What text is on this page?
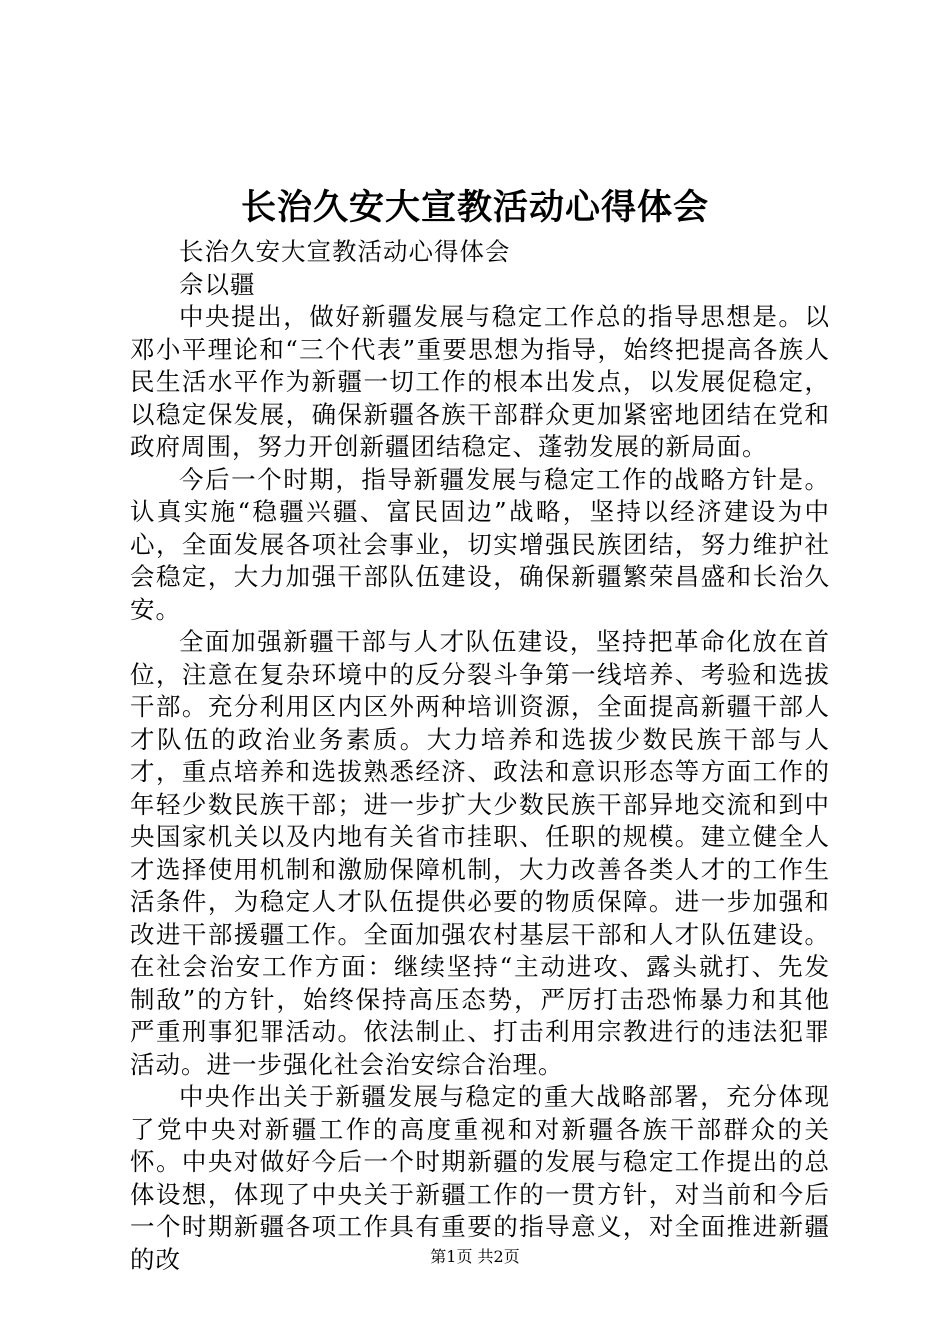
长治久安大宣教活动心得体会

长治久安大宣教活动心得体会

佘以疆

中央提出，做好新疆发展与稳定工作总的指导思想是。以邓小平理论和“三个代表”重要思想为指导，始终把提高各族人民生活水平作为新疆一切工作的根本出发点，以发展促稳定，以稳定保发展，确保新疆各族干部群众更加紧密地团结在党和政府周围，努力开创新疆团结稳定、蓬勃发展的新局面。

今后一个时期，指导新疆发展与稳定工作的战略方针是。认真实施“稳疆兴疆、富民固边”战略，坚持以经济建设为中心，全面发展各项社会事业，切实增强民族团结，努力维护社会稳定，大力加强干部队伍建设，确保新疆繁荣昌盛和长治久安。

全面加强新疆干部与人才队伍建设，坚持把革命化放在首位，注意在复杂环境中的反分裂斗争第一线培养、考验和选拔干部。充分利用区内区外两种培训资源，全面提高新疆干部人才队伍的政治业务素质。大力培养和选拔少数民族干部与人才，重点培养和选拔熟悉经济、政法和意识形态等方面工作的年轻少数民族干部；进一步扩大少数民族干部异地交流和到中央国家机关以及内地有关省市挂职、任职的规模。建立健全人才选择使用机制和激励保障机制，大力改善各类人才的工作生活条件，为稳定人才队伍提供必要的物质保障。进一步加强和改进干部援疆工作。全面加强农村基层干部和人才队伍建设。在社会治安工作方面：继续坚持“主动进攻、露头就打、先发制敌”的方针，始终保持高压态势，严厉打击恐怖暴力和其他严重刑事犯罪活动。依法制止、打击利用宗教进行的违法犯罪活动。进一步强化社会治安综合治理。

中央作出关于新疆发展与稳定的重大战略部署，充分体现了党中央对新疆工作的高度重视和对新疆各族干部群众的关怀。中央对做好今后一个时期新疆的发展与稳定工作提出的总体设想，体现了中央关于新疆工作的一贯方针，对当前和今后一个时期新疆各项工作具有重要的指导意义，对全面推进新疆的改	第1页 共2页
